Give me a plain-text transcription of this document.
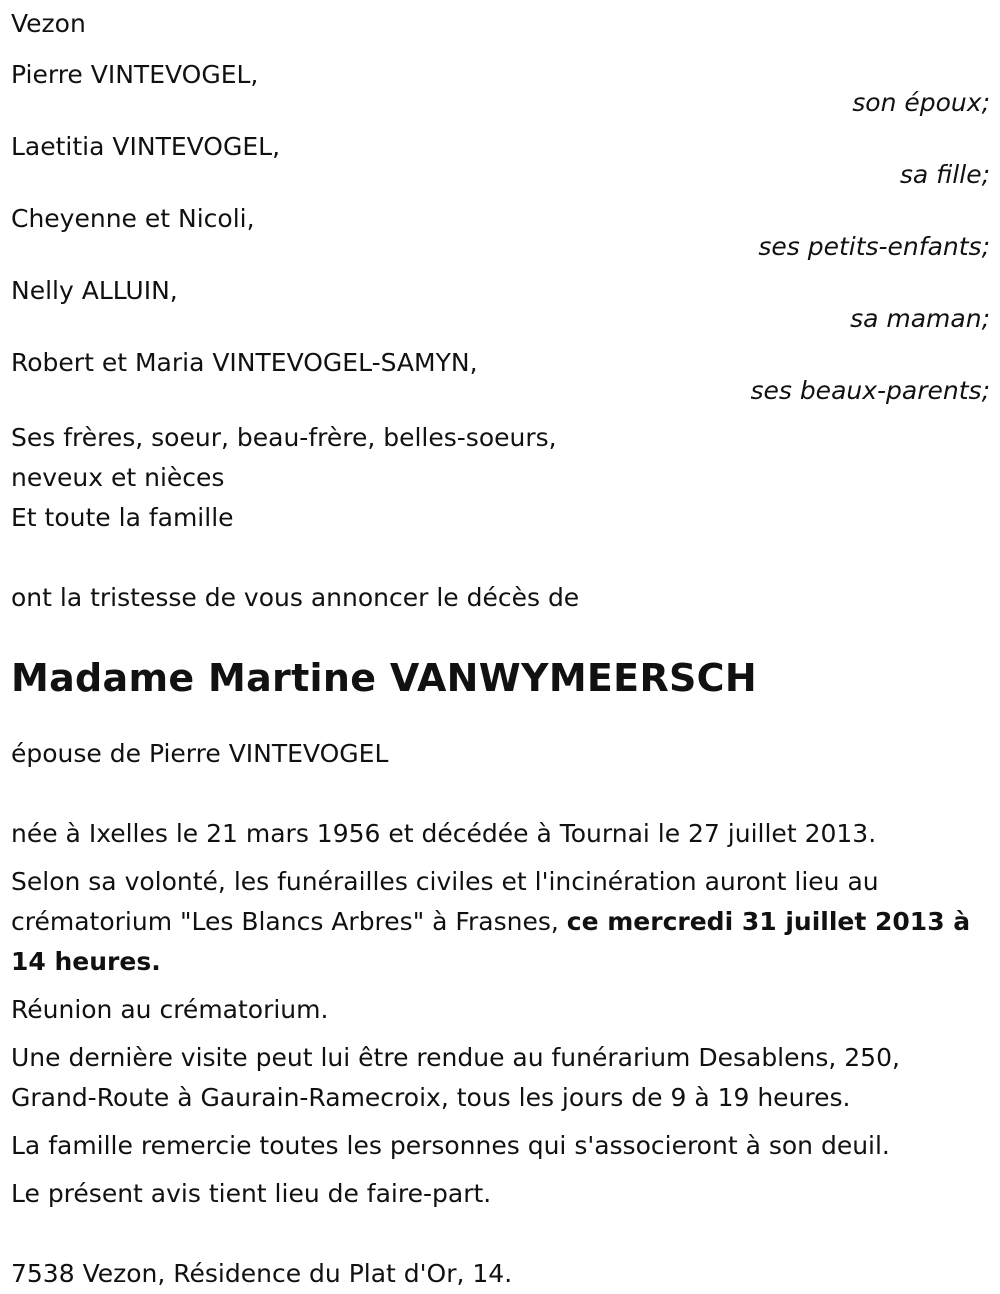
Vezon
Pierre VINTEVOGEL,
son époux;
Laetitia VINTEVOGEL,
sa fille;
Cheyenne et Nicoli,
ses petits-enfants;
Nelly ALLUIN,
sa maman;
Robert et Maria VINTEVOGEL-SAMYN,
ses beaux-parents;
Ses frères, soeur, beau-frère, belles-soeurs,
neveux et nièces
Et toute la famille
ont la tristesse de vous annoncer le décès de
Madame Martine VANWYMEERSCH
épouse de Pierre VINTEVOGEL
née à Ixelles le 21 mars 1956 et décédée à Tournai le 27 juillet 2013.
Selon sa volonté, les funérailles civiles et l'incinération auront lieu au crématorium "Les Blancs Arbres" à Frasnes, ce mercredi 31 juillet 2013 à 14 heures.
Réunion au crématorium.
Une dernière visite peut lui être rendue au funérarium Desablens, 250, Grand-Route à Gaurain-Ramecroix, tous les jours de 9 à 19 heures.
La famille remercie toutes les personnes qui s'associeront à son deuil.
Le présent avis tient lieu de faire-part.
7538 Vezon, Résidence du Plat d'Or, 14.
